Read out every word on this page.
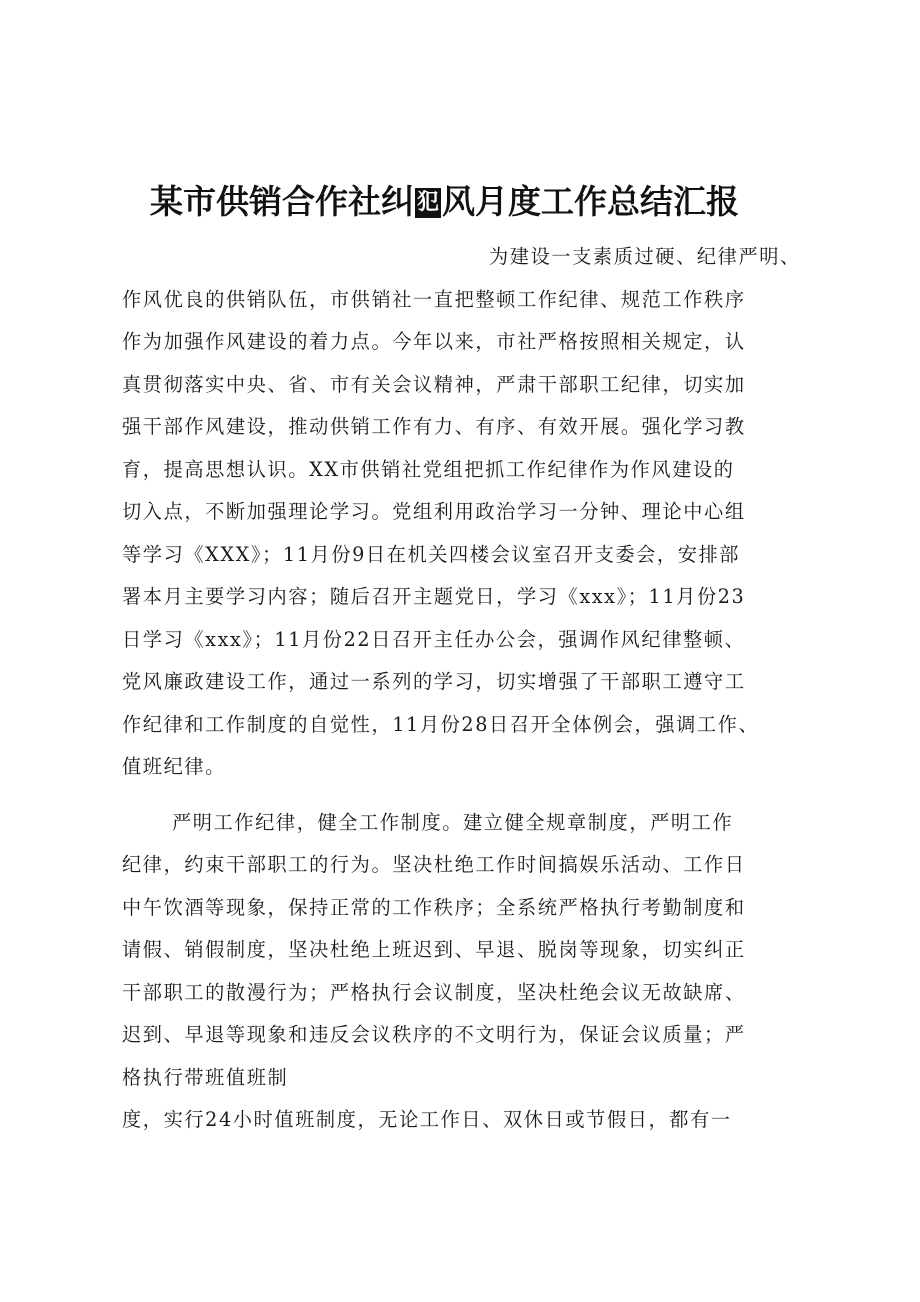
某市供销合作社纠 犯风月度工作总结汇报
为建设一支素质过硬、纪律严明、
作风优良的供销队伍，市供销社一直把整顿工作纪律、规范工作秩序
作为加强作风建设的着力点。今年以来，市社严格按照相关规定，认
真贯彻落实中央、省、市有关会议精神，严肃干部职工纪律，切实加
强干部作风建设，推动供销工作有力、有序、有效开展。强化学习教
育，提高思想认识。XX市供销社党组把抓工作纪律作为作风建设的
切入点，不断加强理论学习。党组利用政治学习一分钟、理论中心组
等学习《XXX》；11月份9日在机关四楼会议室召开支委会，安排部
署本月主要学习内容；随后召开主题党日，学习《xxx》；11月份23
日学习《xxx》；11月份22日召开主任办公会，强调作风纪律整顿、
党风廉政建设工作，通过一系列的学习，切实增强了干部职工遵守工
作纪律和工作制度的自觉性，11月份28日召开全体例会，强调工作、
值班纪律。
严明工作纪律，健全工作制度。建立健全规章制度，严明工作
纪律，约束干部职工的行为。坚决杜绝工作时间搞娱乐活动、工作日
中午饮酒等现象，保持正常的工作秩序；全系统严格执行考勤制度和
请假、销假制度，坚决杜绝上班迟到、早退、脱岗等现象，切实纠正
干部职工的散漫行为；严格执行会议制度，坚决杜绝会议无故缺席、
迟到、早退等现象和违反会议秩序的不文明行为，保证会议质量；严
格执行带班值班制
度，实行24小时值班制度，无论工作日、双休日或节假日，都有一
